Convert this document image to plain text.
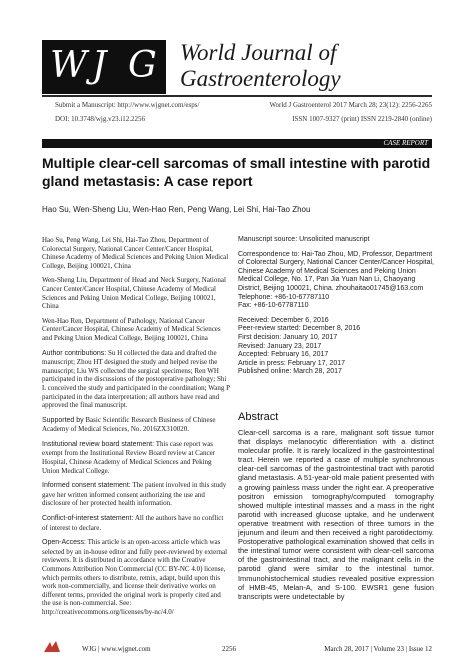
W J G World Journal of
Gastroenterology
Submit a Manuscript: http://www.wjgnet.com/esps/	World J Gastroenterol 2017 March 28; 23(12): 2256-2265
DOI: 10.3748/wjg.v23.i12.2256	ISSN 1007-9327 (print) ISSN 2219-2840 (online)
CASE REPORT
Multiple clear-cell sarcomas of small intestine with parotid gland metastasis: A case report
Hao Su, Wen-Sheng Liu, Wen-Hao Ren, Peng Wang, Lei Shi, Hai-Tao Zhou

Hao Su, Peng Wang, Lei Shi, Hai-Tao Zhou, Department of Colorectal Surgery, National Cancer Center/Cancer Hospital, Chinese Academy of Medical Sciences and Peking Union Medical College, Beijing 100021, China

Wen-Sheng Liu, Department of Head and Neck Surgery, National Cancer Center/Cancer Hospital, Chinese Academy of Medical Sciences and Peking Union Medical College, Beijing 100021, China

Wen-Hao Ren, Department of Pathology, National Cancer Center/Cancer Hospital, Chinese Academy of Medical Sciences and Peking Union Medical College, Beijing 100021, China

Author contributions: Su H collected the data and drafted the manuscript; Zhou HT designed the study and helped revise the manuscript; Liu WS collected the surgical specimens; Ren WH participated in the discussions of the postoperative pathology; Shi L conceived the study and participated in the coordination; Wang P participated in the data interpretation; all authors have read and approved the final manuscript.

Supported by Basic Scientific Research Business of Chinese Academy of Medical Sciences, No. 2016ZX310020.

Institutional review board statement: This case report was exempt from the Institutional Review Board review at Cancer Hospital, Chinese Academy of Medical Sciences and Peking Union Medical College.

Informed consent statement: The patient involved in this study gave her written informed consent authorizing the use and disclosure of her protected health information.

Conflict-of-interest statement: All the authors have no conflict of interest to declare.

Open-Access: This article is an open-access article which was selected by an in-house editor and fully peer-reviewed by external reviewers. It is distributed in accordance with the Creative Commons Attribution Non Commercial (CC BY-NC 4.0) license, which permits others to distribute, remix, adapt, build upon this work non-commercially, and license their derivative works on different terms, provided the original work is properly cited and the use is non-commercial. See: http://creativecommons.org/licenses/by-nc/4.0/

Manuscript source: Unsolicited manuscript

Correspondence to: Hai-Tao Zhou, MD, Professor, Department of Colorectal Surgery, National Cancer Center/Cancer Hospital, Chinese Academy of Medical Sciences and Peking Union Medical College, No. 17, Pan Jia Yuan Nan Li, Chaoyang District, Beijing 100021, China. zhouhaitao01745@163.com
Telephone: +86-10-67787110
Fax: +86-10-67787110

Received: December 6, 2016
Peer-review started: December 8, 2016
First decision: January 10, 2017
Revised: January 23, 2017
Accepted: February 16, 2017
Article in press: February 17, 2017
Published online: March 28, 2017

Abstract
Clear-cell sarcoma is a rare, malignant soft tissue tumor that displays melanocytic differentiation with a distinct molecular profile. It is rarely localized in the gastrointestinal tract. Herein we reported a case of multiple synchronous clear-cell sarcomas of the gastrointestinal tract with parotid gland metastasis. A 51-year-old male patient presented with a growing painless mass under the right ear. A preoperative positron emission tomography/computed tomography showed multiple intestinal masses and a mass in the right parotid with increased glucose uptake, and he underwent operative treatment with resection of three tumors in the jejunum and ileum and then received a right parotidectomy. Postoperative pathological examination showed that cells in the intestinal tumor were consistent with clear-cell sarcoma of the gastrointestinal tract, and the malignant cells in the parotid gland were similar to the intestinal tumor. Immunohistochemical studies revealed positive expression of HMB-45, Melan-A, and S-100. EWSR1 gene fusion transcripts were undetectable by
WJG | www.wjgnet.com	2256	March 28, 2017 | Volume 23 | Issue 12
